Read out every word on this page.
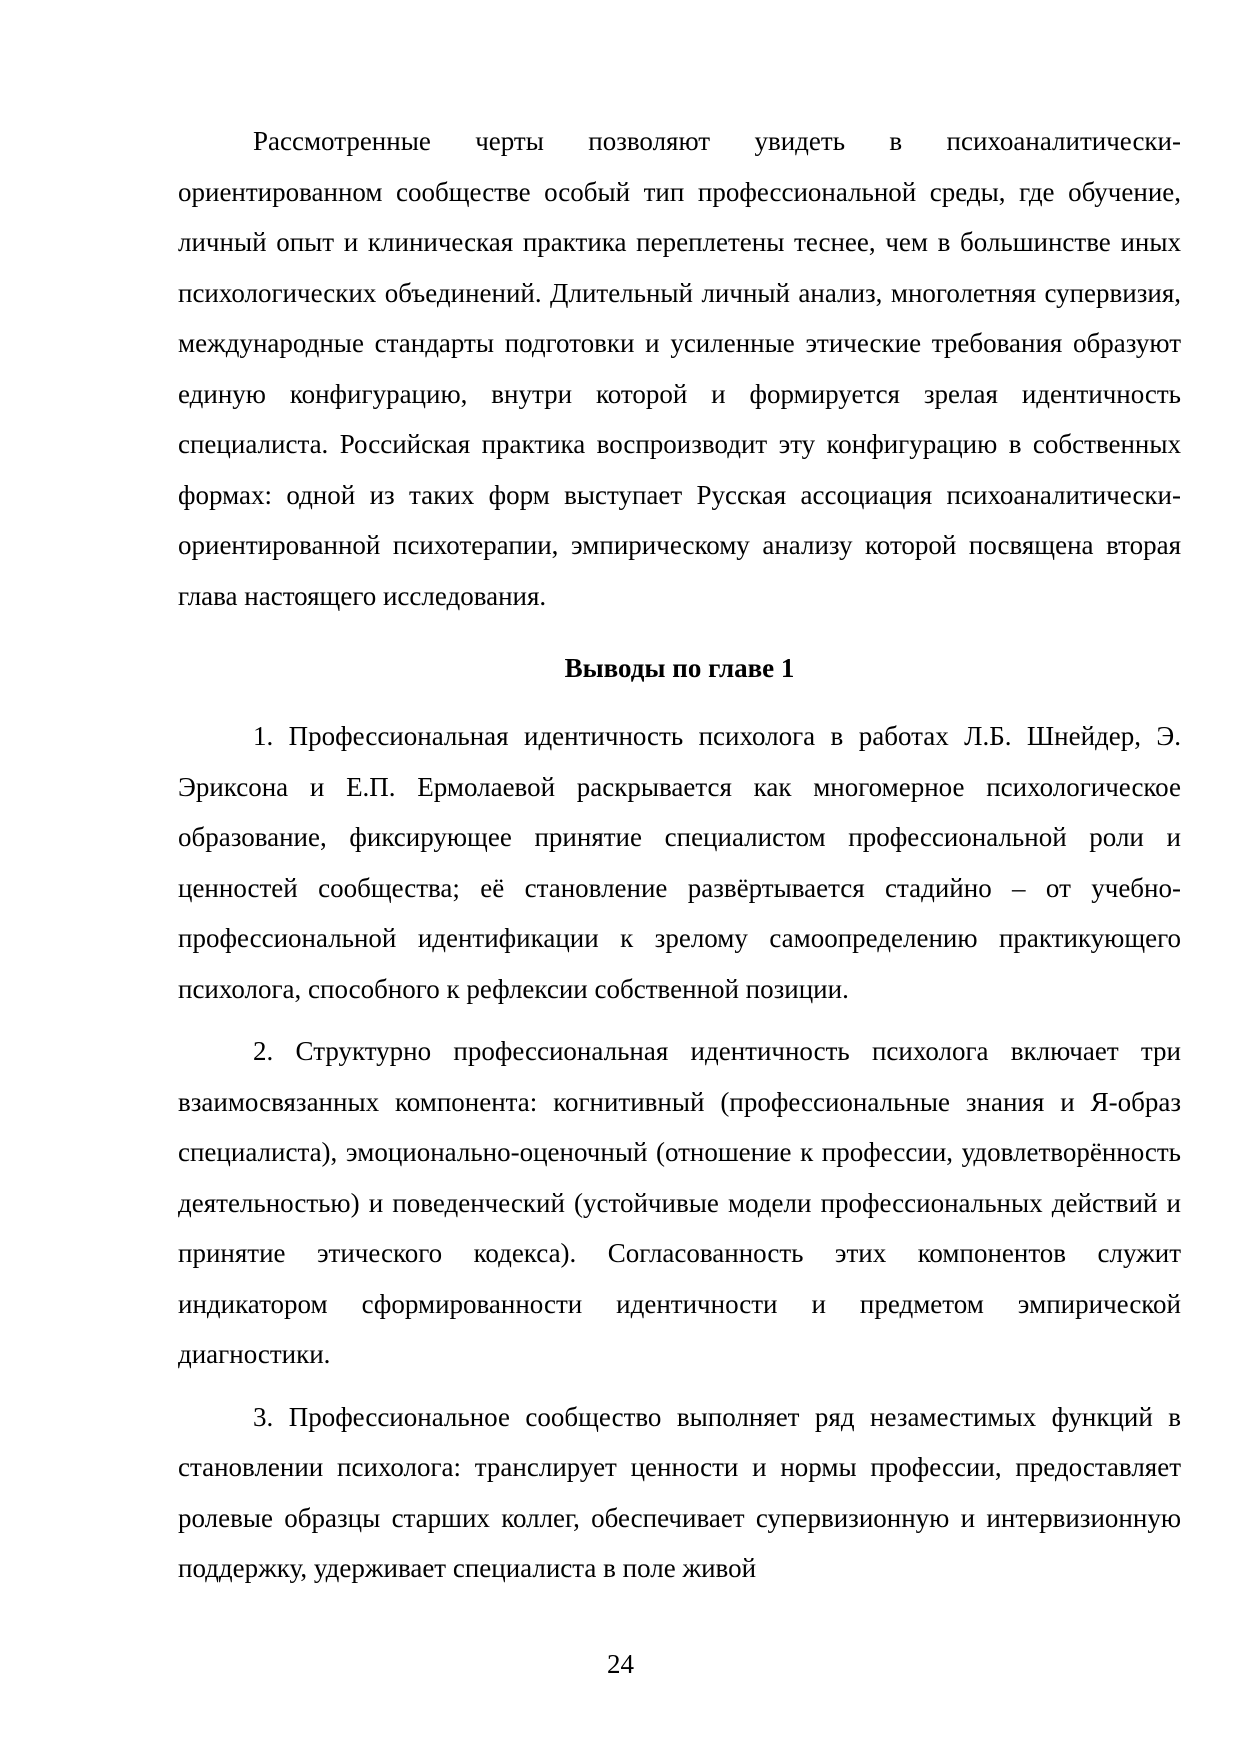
Рассмотренные черты позволяют увидеть в психоаналитически-ориентированном сообществе особый тип профессиональной среды, где обучение, личный опыт и клиническая практика переплетены теснее, чем в большинстве иных психологических объединений. Длительный личный анализ, многолетняя супервизия, международные стандарты подготовки и усиленные этические требования образуют единую конфигурацию, внутри которой и формируется зрелая идентичность специалиста. Российская практика воспроизводит эту конфигурацию в собственных формах: одной из таких форм выступает Русская ассоциация психоаналитически-ориентированной психотерапии, эмпирическому анализу которой посвящена вторая глава настоящего исследования.

Выводы по главе 1

1. Профессиональная идентичность психолога в работах Л.Б. Шнейдер, Э. Эриксона и Е.П. Ермолаевой раскрывается как многомерное психологическое образование, фиксирующее принятие специалистом профессиональной роли и ценностей сообщества; её становление развёртывается стадийно – от учебно-профессиональной идентификации к зрелому самоопределению практикующего психолога, способного к рефлексии собственной позиции.

2. Структурно профессиональная идентичность психолога включает три взаимосвязанных компонента: когнитивный (профессиональные знания и Я-образ специалиста), эмоционально-оценочный (отношение к профессии, удовлетворённость деятельностью) и поведенческий (устойчивые модели профессиональных действий и принятие этического кодекса). Согласованность этих компонентов служит индикатором сформированности идентичности и предметом эмпирической диагностики.

3. Профессиональное сообщество выполняет ряд незаместимых функций в становлении психолога: транслирует ценности и нормы профессии, предоставляет ролевые образцы старших коллег, обеспечивает супервизионную и интервизионную поддержку, удерживает специалиста в поле живой

24
